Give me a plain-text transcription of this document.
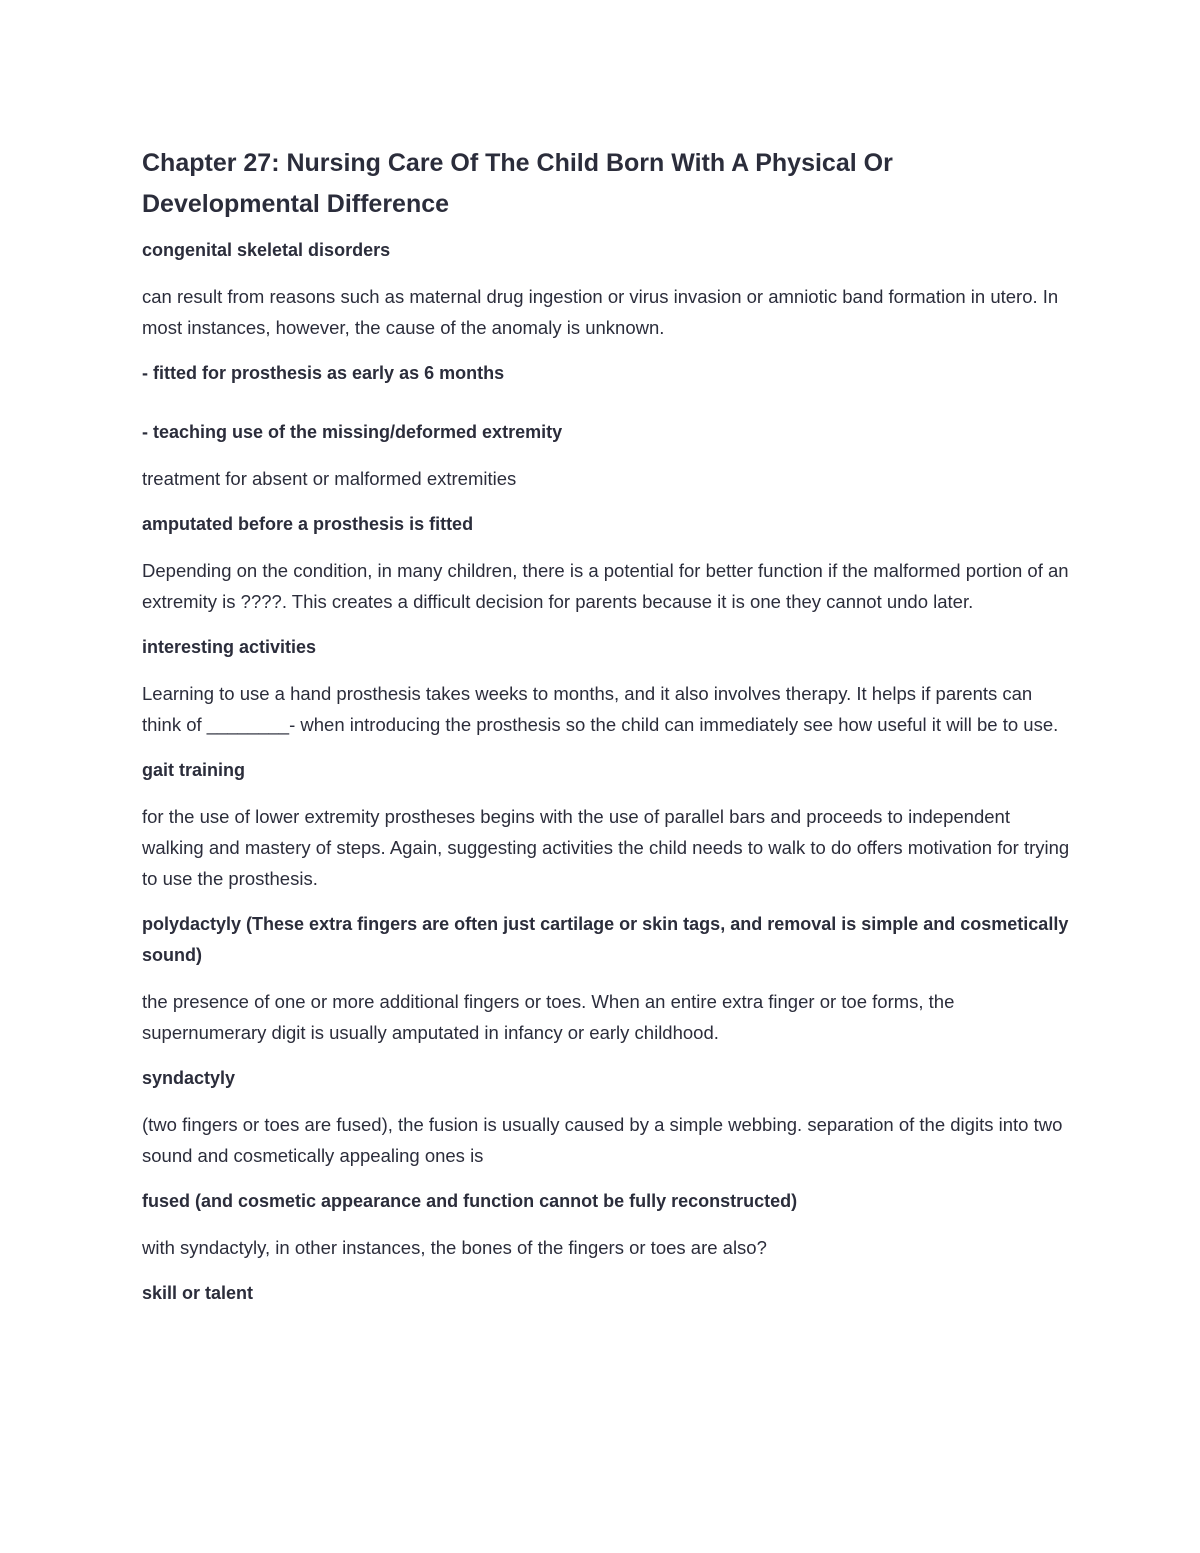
Chapter 27: Nursing Care Of The Child Born With A Physical Or Developmental Difference

congenital skeletal disorders

can result from reasons such as maternal drug ingestion or virus invasion or amniotic band formation in utero. In most instances, however, the cause of the anomaly is unknown.

- fitted for prosthesis as early as 6 months

- teaching use of the missing/deformed extremity

treatment for absent or malformed extremities

amputated before a prosthesis is fitted

Depending on the condition, in many children, there is a potential for better function if the malformed portion of an extremity is ????. This creates a difficult decision for parents because it is one they cannot undo later.

interesting activities

Learning to use a hand prosthesis takes weeks to months, and it also involves therapy. It helps if parents can think of ________- when introducing the prosthesis so the child can immediately see how useful it will be to use.

gait training

for the use of lower extremity prostheses begins with the use of parallel bars and proceeds to independent walking and mastery of steps. Again, suggesting activities the child needs to walk to do offers motivation for trying to use the prosthesis.

polydactyly (These extra fingers are often just cartilage or skin tags, and removal is simple and cosmetically sound)

the presence of one or more additional fingers or toes. When an entire extra finger or toe forms, the supernumerary digit is usually amputated in infancy or early childhood.

syndactyly

(two fingers or toes are fused), the fusion is usually caused by a simple webbing. separation of the digits into two sound and cosmetically appealing ones is

fused (and cosmetic appearance and function cannot be fully reconstructed)

with syndactyly, in other instances, the bones of the fingers or toes are also?

skill or talent
